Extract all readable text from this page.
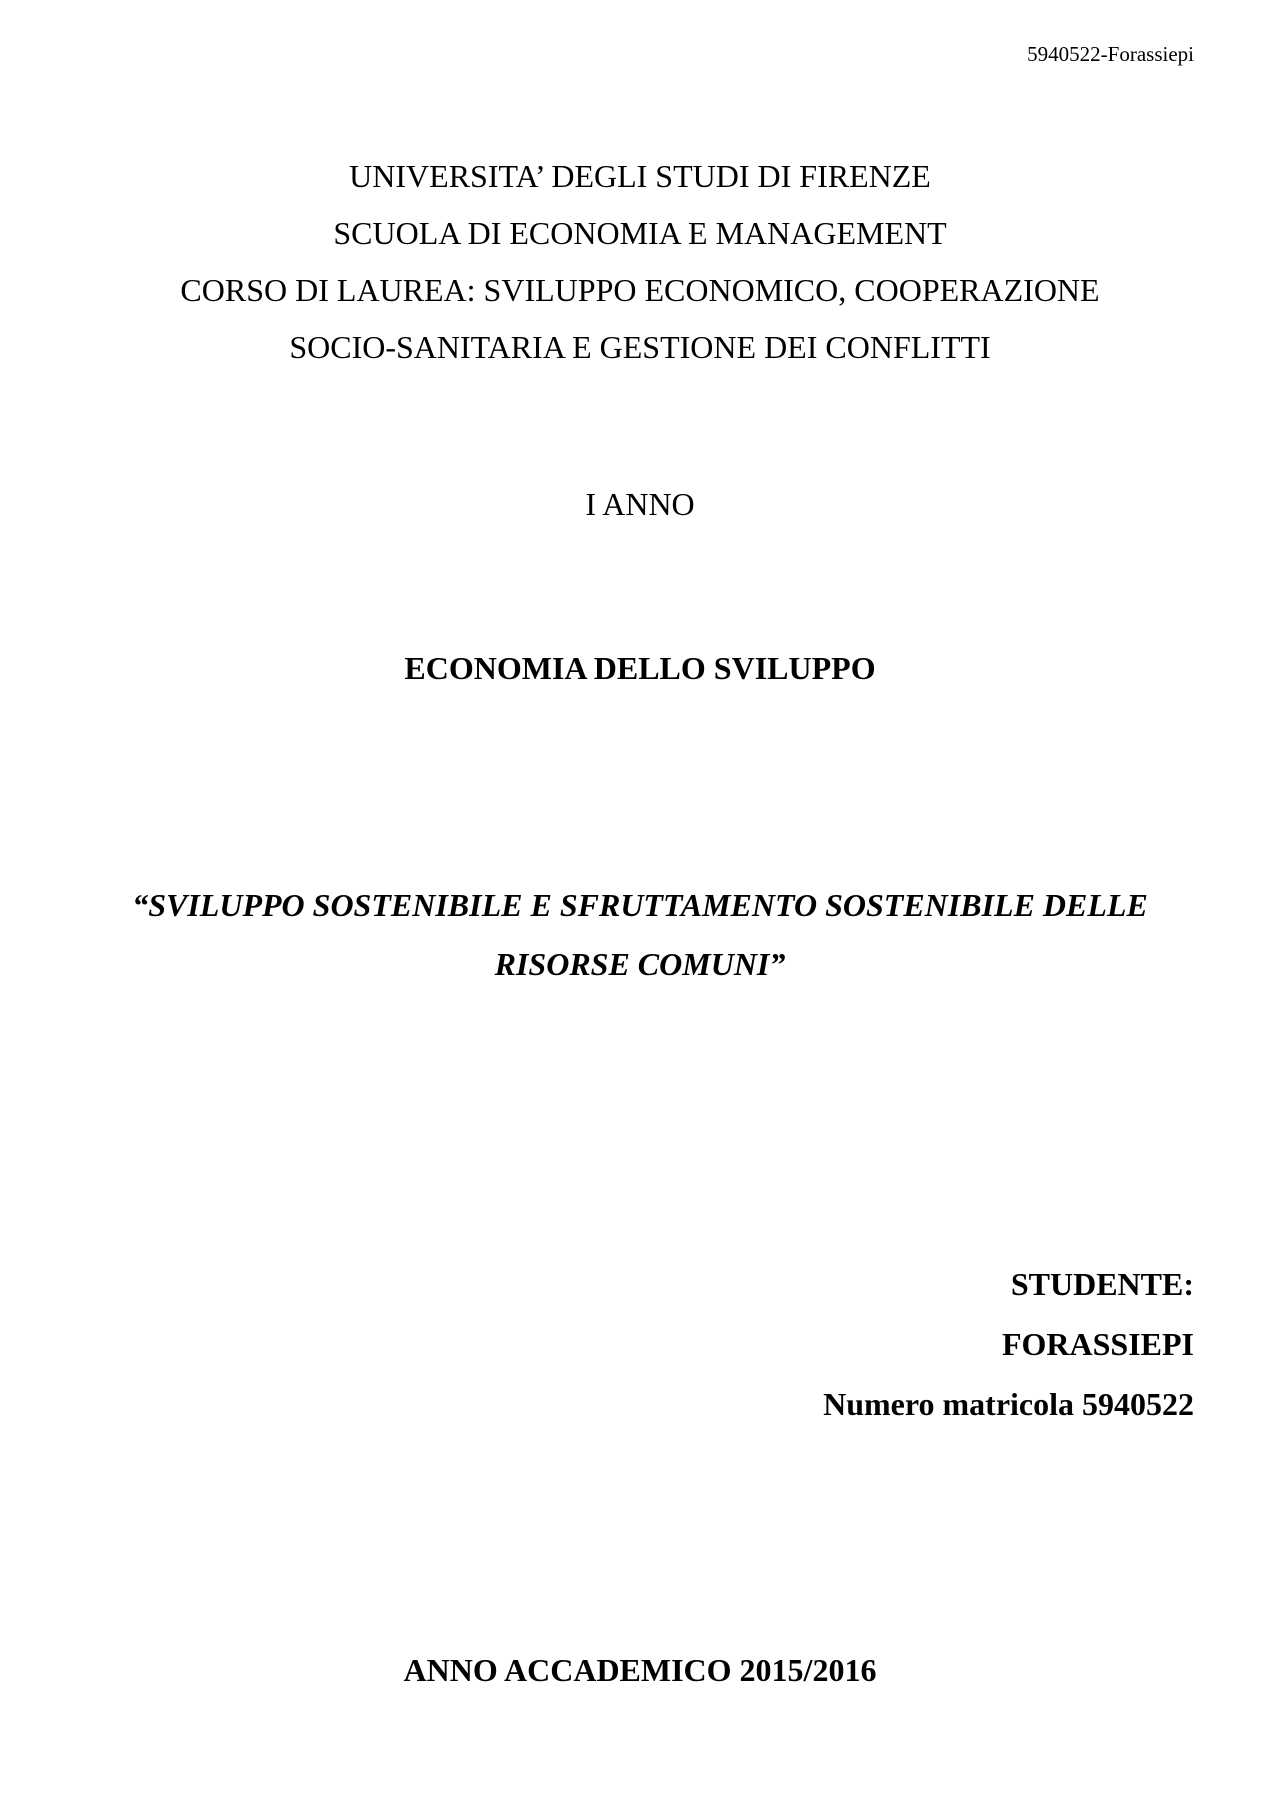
5940522-Forassiepi
UNIVERSITA’ DEGLI STUDI DI FIRENZE
SCUOLA DI ECONOMIA E MANAGEMENT
CORSO DI LAUREA: SVILUPPO ECONOMICO, COOPERAZIONE
SOCIO-SANITARIA E GESTIONE DEI CONFLITTI
I ANNO
ECONOMIA DELLO SVILUPPO
“SVILUPPO SOSTENIBILE E SFRUTTAMENTO SOSTENIBILE DELLE
RISORSE COMUNI”
STUDENTE:
FORASSIEPI
Numero matricola 5940522
ANNO ACCADEMICO 2015/2016
